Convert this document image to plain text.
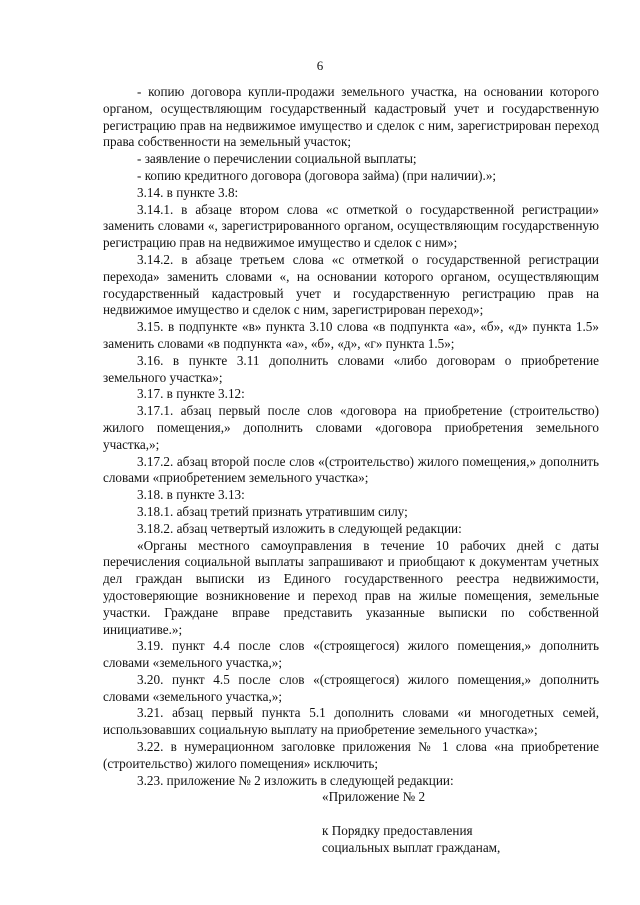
6

- копию договора купли-продажи земельного участка, на основании которого органом, осуществляющим государственный кадастровый учет и государственную регистрацию прав на недвижимое имущество и сделок с ним, зарегистрирован переход права собственности на земельный участок;

- заявление о перечислении социальной выплаты;

- копию кредитного договора (договора займа) (при наличии).»;

3.14. в пункте 3.8:

3.14.1. в абзаце втором слова «с отметкой о государственной регистрации» заменить словами «, зарегистрированного органом, осуществляющим государственную регистрацию прав на недвижимое имущество и сделок с ним»;

3.14.2. в абзаце третьем слова «с отметкой о государственной регистрации перехода» заменить словами «, на основании которого органом, осуществляющим государственный кадастровый учет и государственную регистрацию прав на недвижимое имущество и сделок с ним, зарегистрирован переход»;

3.15. в подпункте «в» пункта 3.10 слова «в подпункта «а», «б», «д» пункта 1.5» заменить словами «в подпункта «а», «б», «д», «г» пункта 1.5»;

3.16. в пункте 3.11 дополнить словами «либо договорам о приобретение земельного участка»;

3.17. в пункте 3.12:

3.17.1. абзац первый после слов «договора на приобретение (строительство) жилого помещения,» дополнить словами «договора приобретения земельного участка,»;

3.17.2. абзац второй после слов «(строительство) жилого помещения,» дополнить словами «приобретением земельного участка»;

3.18. в пункте 3.13:

3.18.1. абзац третий признать утратившим силу;

3.18.2. абзац четвертый изложить в следующей редакции:

«Органы местного самоуправления в течение 10 рабочих дней с даты перечисления социальной выплаты запрашивают и приобщают к документам учетных дел граждан выписки из Единого государственного реестра недвижимости, удостоверяющие возникновение и переход прав на жилые помещения, земельные участки. Граждане вправе представить указанные выписки по собственной инициативе.»;

3.19. пункт 4.4 после слов «(строящегося) жилого помещения,» дополнить словами «земельного участка,»;

3.20. пункт 4.5 после слов «(строящегося) жилого помещения,» дополнить словами «земельного участка,»;

3.21. абзац первый пункта 5.1 дополнить словами «и многодетных семей, использовавших социальную выплату на приобретение земельного участка»;

3.22. в нумерационном заголовке приложения № 1 слова «на приобретение (строительство) жилого помещения» исключить;

3.23. приложение № 2 изложить в следующей редакции:

«Приложение № 2
к Порядку предоставления
социальных выплат гражданам,
